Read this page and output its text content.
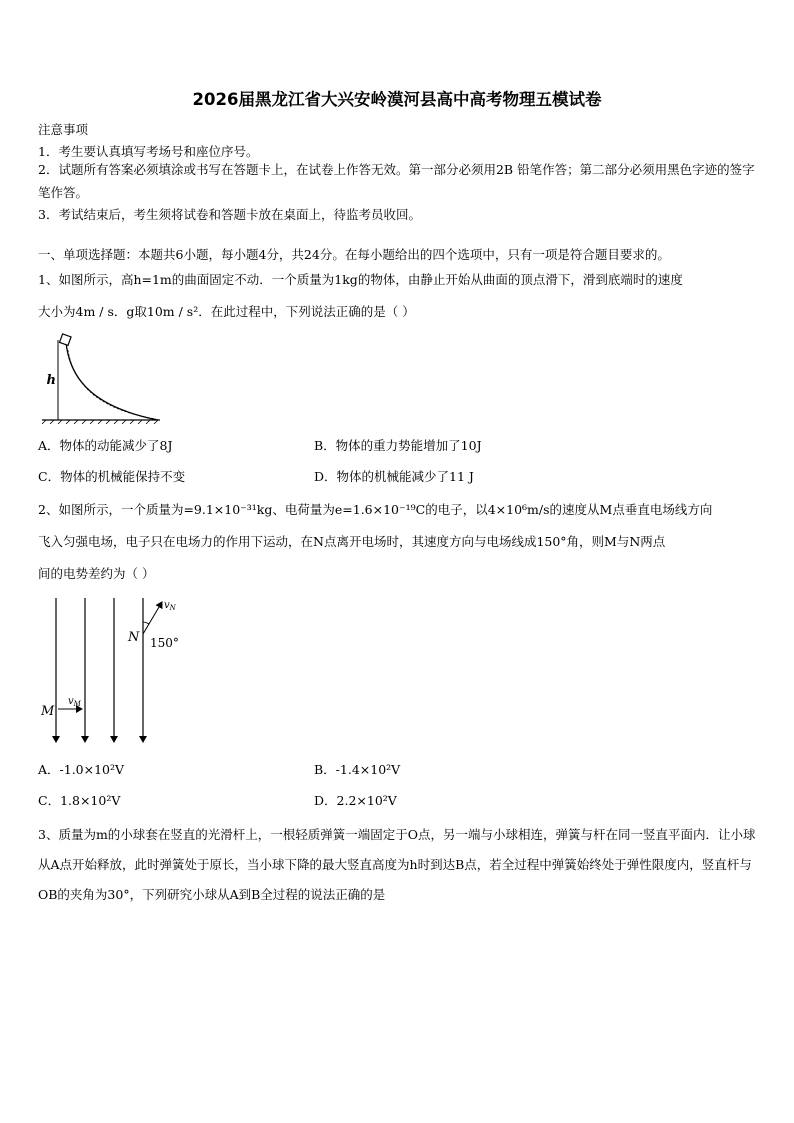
2026届黑龙江省大兴安岭漠河县高中高考物理五模试卷
注意事项
1．考生要认真填写考场号和座位序号。
2．试题所有答案必须填涂或书写在答题卡上，在试卷上作答无效。第一部分必须用2B 铅笔作答；第二部分必须用黑色字迹的签字笔作答。
3．考试结束后，考生须将试卷和答题卡放在桌面上，待监考员收回。
一、单项选择题：本题共6小题，每小题4分，共24分。在每小题给出的四个选项中，只有一项是符合题目要求的。
1、如图所示，高h=1m的曲面固定不动．一个质量为1kg的物体，由静止开始从曲面的顶点滑下，滑到底端时的速度
大小为4m / s．g取10m / s²．在此过程中，下列说法正确的是（ ）
h
A．物体的动能减少了8J	B．物体的重力势能增加了10J
C．物体的机械能保持不变	D．物体的机械能减少了11 J
2、如图所示，一个质量为=9.1×10⁻³¹kg、电荷量为e=1.6×10⁻¹⁹C的电子，以4×10⁶m/s的速度从M点垂直电场线方向
飞入匀强电场，电子只在电场力的作用下运动，在N点离开电场时，其速度方向与电场线成150°角，则M与N两点
间的电势差约为（ ）
M
$v_M$
N
$v_N$
150°
A．-1.0×10²V	B．-1.4×10²V
C．1.8×10²V	D．2.2×10²V
3、质量为m的小球套在竖直的光滑杆上，一根轻质弹簧一端固定于O点，另一端与小球相连，弹簧与杆在同一竖直平面内．让小球从A点开始释放，此时弹簧处于原长，当小球下降的最大竖直高度为h时到达B点，若全过程中弹簧始终处于弹性限度内，竖直杆与OB的夹角为30°，下列研究小球从A到B全过程的说法正确的是
